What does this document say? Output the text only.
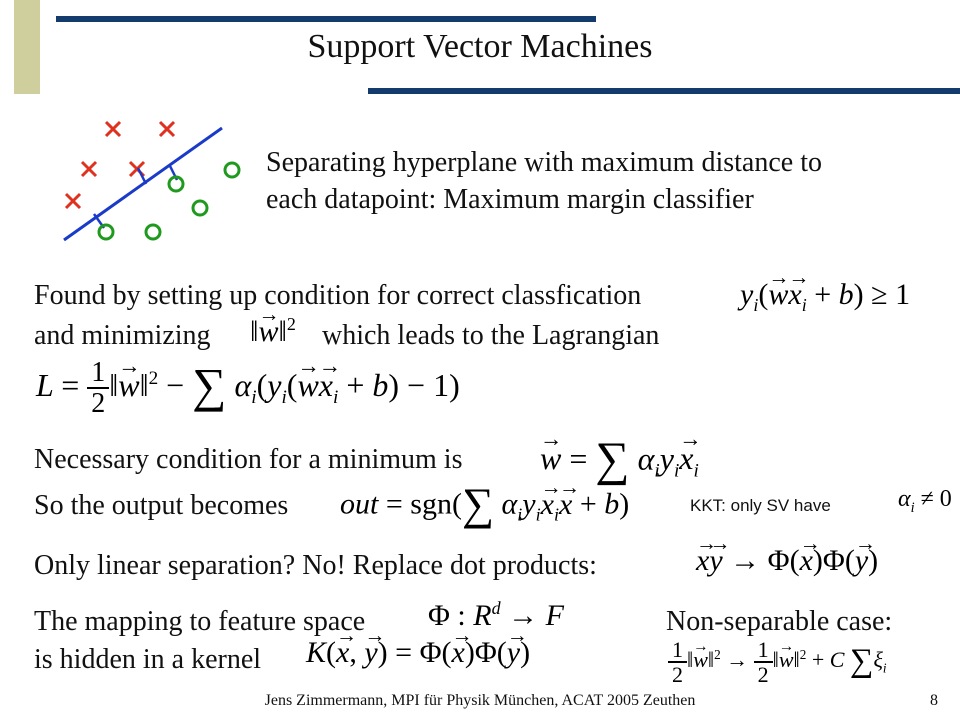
Support Vector Machines
Separating hyperplane with maximum distance to
each datapoint: Maximum margin classifier
Found by setting up condition for correct classfication
and minimizing	which leads to the Lagrangian
$y_i(\to w\to x_i + b) \ge 1$
‖→ w‖$^2$
$L = \frac{1}{2}$ ‖→ w‖$^2$ − ∑ $\alpha_i(y_i(\to w\to x_i + b) - 1)$
Necessary condition for a minimum is → w = ∑ $\alpha_iy_i\to x_i$
So the output becomes out = sgn(∑ $\alpha_iy_i\to x_i\to x + b$)	KKT: only SV have	$\alpha_i \ne 0$
Only linear separation? No! Replace dot products:	→ x→ y → Φ(→ x)Φ(→ y)
The mapping to feature space Φ : $R^d \to F$
is hidden in a kernel K(→ x, → y) = Φ(→ x)Φ(→ y)
Non-separable case:
$\frac{1}{2}$ ‖→ w‖$^2$ → $\frac{1}{2}$ ‖→ w‖$^2$ + C $\sum\xi_i$
Jens Zimmermann, MPI für Physik München, ACAT 2005 Zeuthen	8
